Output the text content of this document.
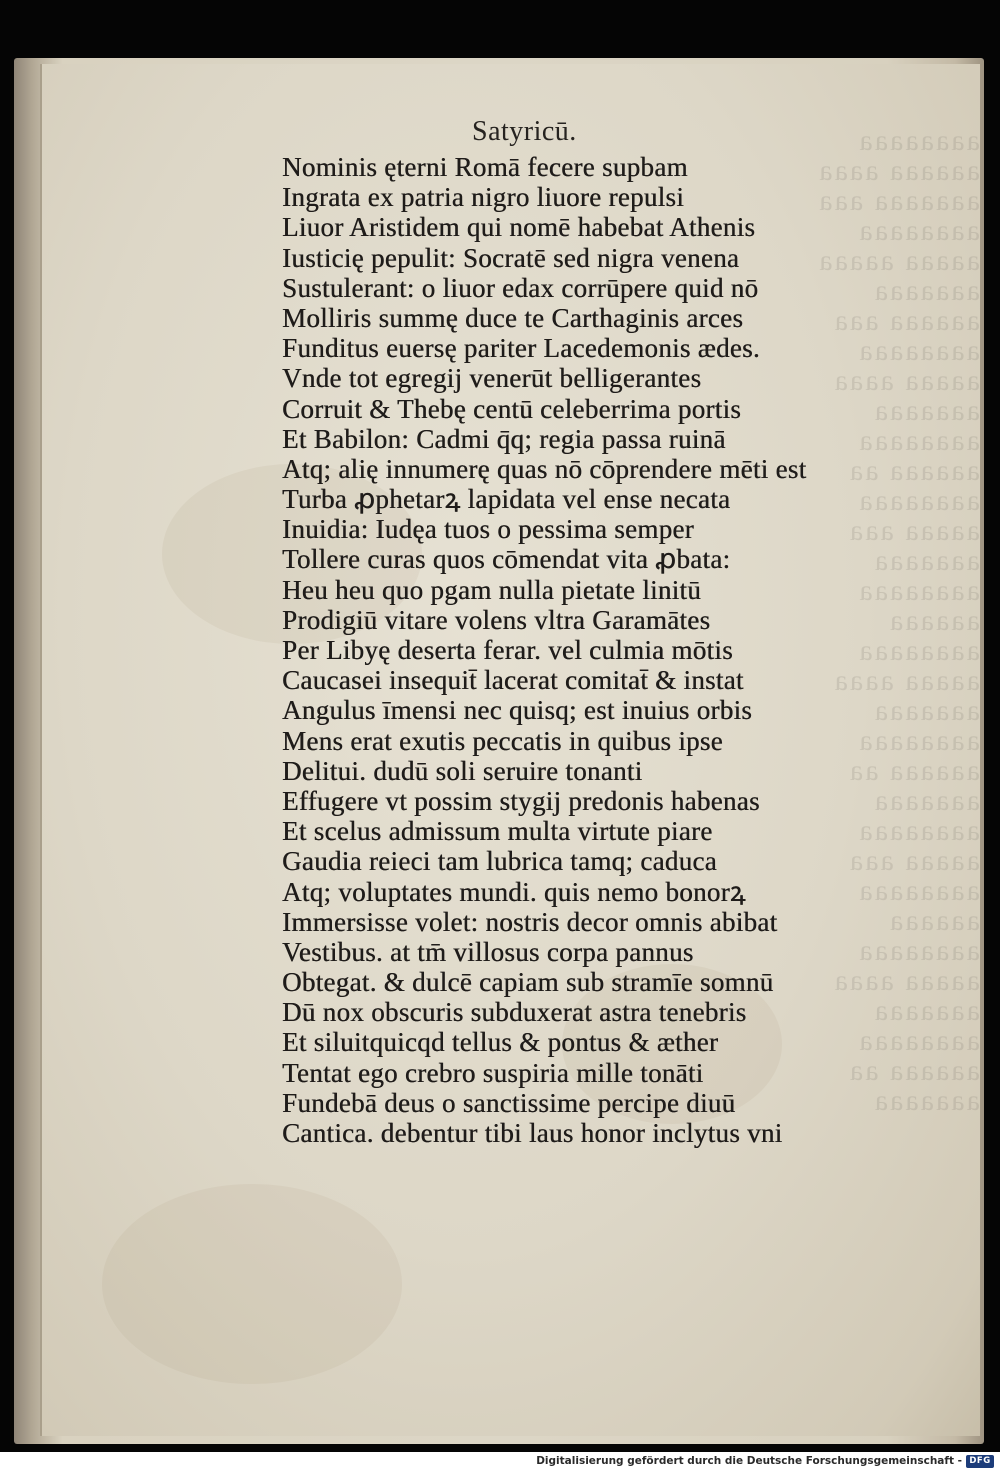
aaaaaaaa
aaaaaa aaaa
aaaaaaa aaa
aaaaaaaa
aaaaa aaaaa
aaaaaaa
aaaaaa aaa
aaaaaaaa
aaaaa aaaa
aaaaaaa
aaaaaaaa
aaaaaa aa
aaaaaaaa
aaaaa aaa
aaaaaaa
aaaaaaaa
aaaaaa
aaaaaaaa
aaaaa aaaa
aaaaaaa
aaaaaaaa
aaaaaa aa
aaaaaaa
aaaaaaaa
aaaaa aaa
aaaaaaaa
aaaaaa
aaaaaaaa
aaaaa aaaa
aaaaaaa
aaaaaaaa
aaaaaa aa
aaaaaaa
Satyricū.
Nominis ęterni Romā fecere supbam
Ingrata ex patria nigro liuore repulsi
Liuor Aristidem qui nomē habebat Athenis
Iusticię pepulit: Socratē sed nigra venena
Sustulerant: o liuor edax corrūpere quid nō
Molliris summę duce te Carthaginis arces
Funditus euersę pariter Lacedemonis ædes.
Vnde tot egregij venerūt belligerantes
Corruit & Thebę centū celeberrima portis
Et Babilon: Cadmi q̄q; regia passa ruinā
Atq; alię innumerę quas nō cōprendere mēti est
Turba ꝓphetarꝝ lapidata vel ense necata
Inuidia: Iudęa tuos o pessima semper
Tollere curas quos cōmendat vita ꝓbata:
Heu heu quo pgam nulla pietate linitū
Prodigiū vitare volens vltra Garamātes
Per Libyę deserta ferar. vel culmia mōtis
Caucasei insequit̄ lacerat comitat̄ & instat
Angulus īmensi nec quisq; est inuius orbis
Mens erat exutis peccatis in quibus ipse
Delitui. dudū soli seruire tonanti
Effugere vt possim stygij predonis habenas
Et scelus admissum multa virtute piare
Gaudia reieci tam lubrica tamq; caduca
Atq; voluptates mundi. quis nemo bonorꝝ
Immersisse volet: nostris decor omnis abibat
Vestibus. at tm̄ villosus corpa pannus
Obtegat. & dulcē capiam sub stramīe somnū
Dū nox obscuris subduxerat astra tenebris
Et siluitquicqd tellus & pontus & æther
Tentat ego crebro suspiria mille tonāti
Fundebā deus o sanctissime percipe diuū
Cantica. debentur tibi laus honor inclytus vni
Digitalisierung gefördert durch die Deutsche Forschungsgemeinschaft - DFG
